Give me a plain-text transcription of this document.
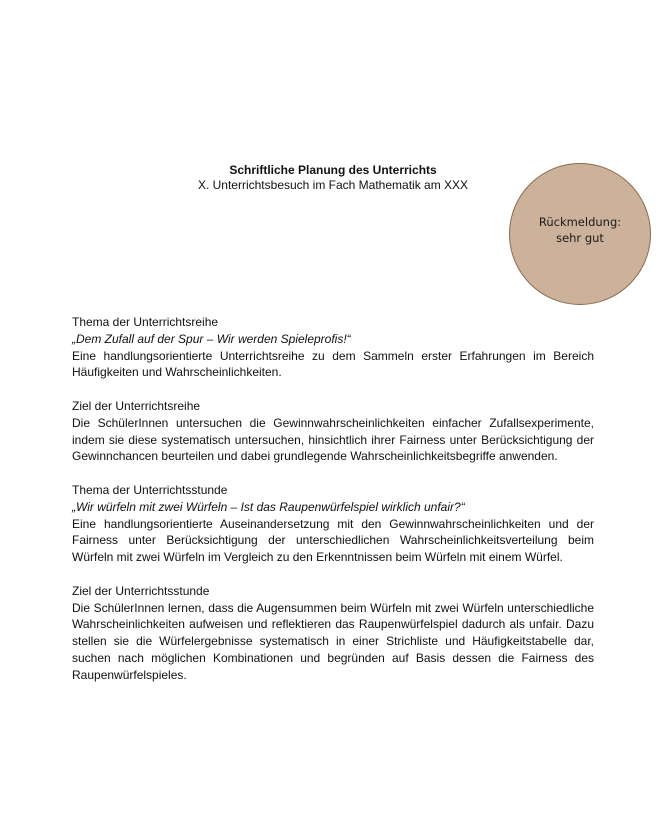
Schriftliche Planung des Unterrichts
X. Unterrichtsbesuch im Fach Mathematik am XXX
Rückmeldung:
sehr gut

Thema der Unterrichtsreihe

„Dem Zufall auf der Spur – Wir werden Spieleprofis!“

Eine handlungsorientierte Unterrichtsreihe zu dem Sammeln erster Erfahrungen im Bereich Häufigkeiten und Wahrscheinlichkeiten.

Ziel der Unterrichtsreihe

Die SchülerInnen untersuchen die Gewinnwahrscheinlichkeiten einfacher Zufallsexperimente, indem sie diese systematisch untersuchen, hinsichtlich ihrer Fairness unter Berücksichtigung der Gewinnchancen beurteilen und dabei grundlegende Wahrscheinlichkeitsbegriffe anwenden.

Thema der Unterrichtsstunde

„Wir würfeln mit zwei Würfeln – Ist das Raupenwürfelspiel wirklich unfair?“

Eine handlungsorientierte Auseinandersetzung mit den Gewinnwahrscheinlichkeiten und der Fairness unter Berücksichtigung der unterschiedlichen Wahrscheinlichkeitsverteilung beim Würfeln mit zwei Würfeln im Vergleich zu den Erkenntnissen beim Würfeln mit einem Würfel.

Ziel der Unterrichtsstunde

Die SchülerInnen lernen, dass die Augensummen beim Würfeln mit zwei Würfeln unterschiedliche Wahrscheinlichkeiten aufweisen und reflektieren das Raupenwürfelspiel dadurch als unfair. Dazu stellen sie die Würfelergebnisse systematisch in einer Strichliste und Häufigkeitstabelle dar, suchen nach möglichen Kombinationen und begründen auf Basis dessen die Fairness des Raupenwürfelspieles.
